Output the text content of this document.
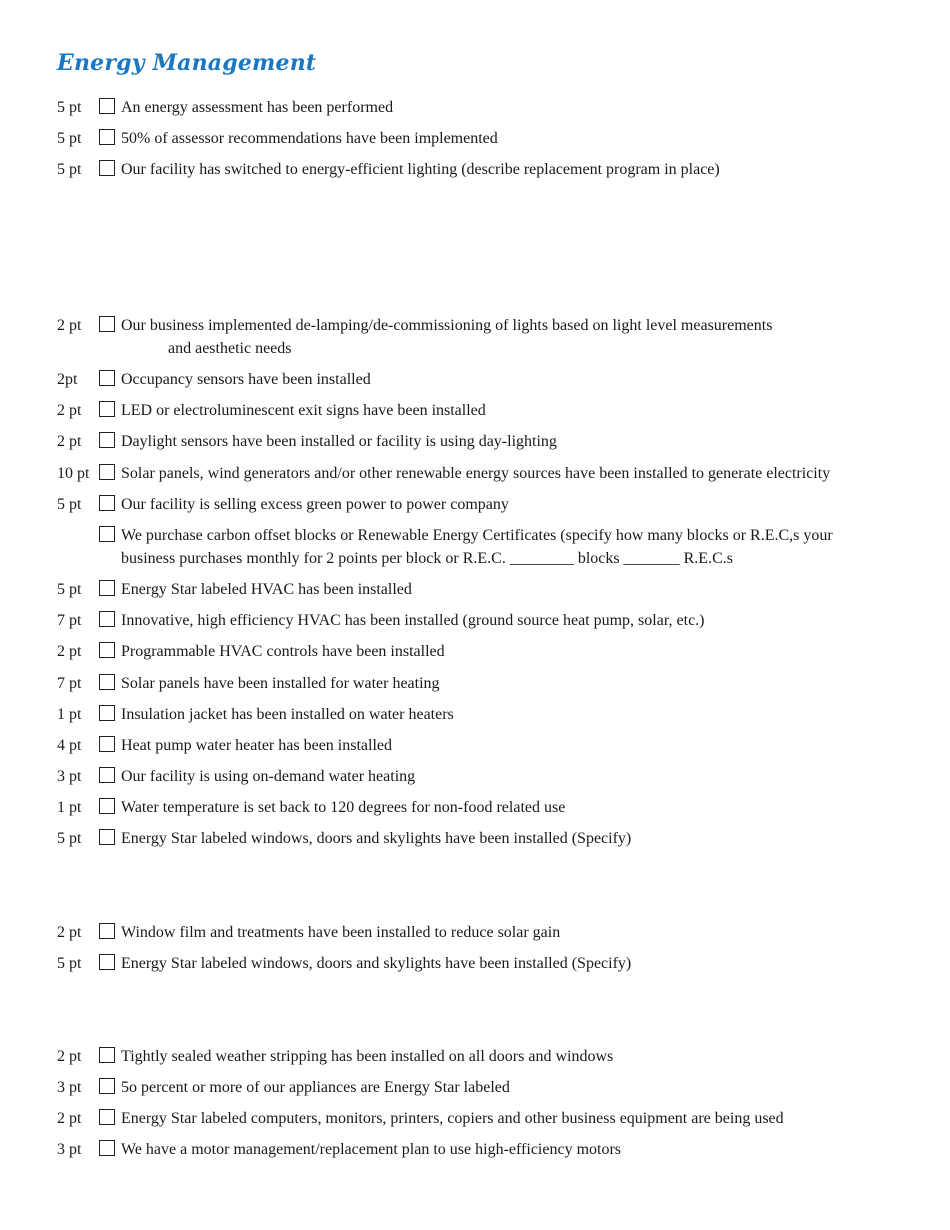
Energy Management
5 pt An energy assessment has been performed
5 pt 50% of assessor recommendations have been implemented
5 pt Our facility has switched to energy-efficient lighting (describe replacement program in place)
2 pt Our business implemented de-lamping/de-commissioning of lights based on light level measurements
and aesthetic needs
2pt	Occupancy sensors have been installed
2 pt LED or electroluminescent exit signs have been installed
2 pt Daylight sensors have been installed or facility is using day-lighting
10 pt Solar panels, wind generators and/or other renewable energy sources have been installed to generate electricity
5 pt Our facility is selling excess green power to power company
We purchase carbon offset blocks or Renewable Energy Certificates (specify how many blocks or R.E.C,s your
business purchases monthly for 2 points per block or R.E.C. ________ blocks _______ R.E.C.s
5 pt Energy Star labeled HVAC has been installed
7 pt Innovative, high efficiency HVAC has been installed (ground source heat pump, solar, etc.)
2 pt Programmable HVAC controls have been installed
7 pt Solar panels have been installed for water heating
1 pt Insulation jacket has been installed on water heaters
4 pt Heat pump water heater has been installed
3 pt Our facility is using on-demand water heating
1 pt Water temperature is set back to 120 degrees for non-food related use
5 pt Energy Star labeled windows, doors and skylights have been installed (Specify)
2 pt Window film and treatments have been installed to reduce solar gain
5 pt Energy Star labeled windows, doors and skylights have been installed (Specify)
2 pt Tightly sealed weather stripping has been installed on all doors and windows
3 pt 5o percent or more of our appliances are Energy Star labeled
2 pt Energy Star labeled computers, monitors, printers, copiers and other business equipment are being used
3 pt We have a motor management/replacement plan to use high-efficiency motors
